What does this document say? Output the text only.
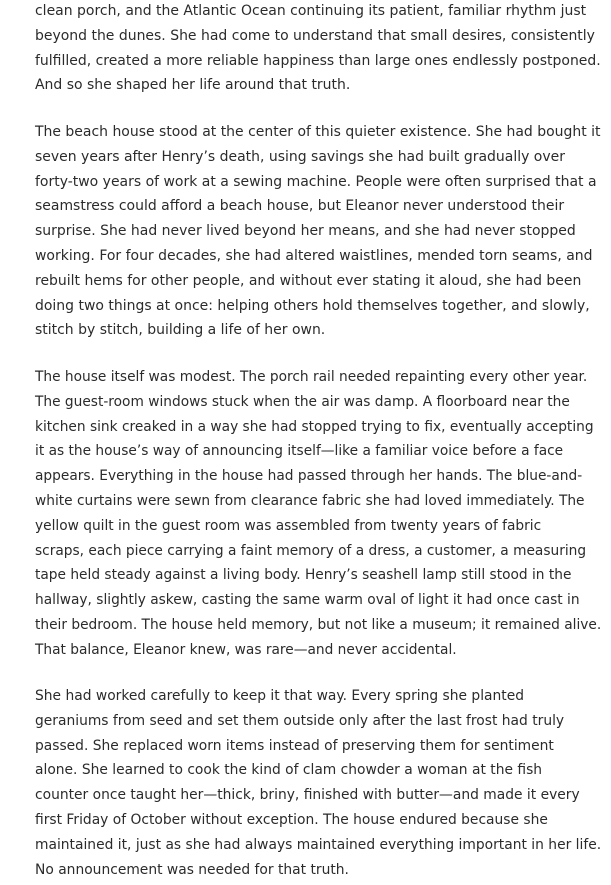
clean porch, and the Atlantic Ocean continuing its patient, familiar rhythm just
beyond the dunes. She had come to understand that small desires, consistently
fulfilled, created a more reliable happiness than large ones endlessly postponed.
And so she shaped her life around that truth.
The beach house stood at the center of this quieter existence. She had bought it
seven years after Henry’s death, using savings she had built gradually over
forty-two years of work at a sewing machine. People were often surprised that a
seamstress could afford a beach house, but Eleanor never understood their
surprise. She had never lived beyond her means, and she had never stopped
working. For four decades, she had altered waistlines, mended torn seams, and
rebuilt hems for other people, and without ever stating it aloud, she had been
doing two things at once: helping others hold themselves together, and slowly,
stitch by stitch, building a life of her own.
The house itself was modest. The porch rail needed repainting every other year.
The guest-room windows stuck when the air was damp. A floorboard near the
kitchen sink creaked in a way she had stopped trying to fix, eventually accepting
it as the house’s way of announcing itself—like a familiar voice before a face
appears. Everything in the house had passed through her hands. The blue-and-
white curtains were sewn from clearance fabric she had loved immediately. The
yellow quilt in the guest room was assembled from twenty years of fabric
scraps, each piece carrying a faint memory of a dress, a customer, a measuring
tape held steady against a living body. Henry’s seashell lamp still stood in the
hallway, slightly askew, casting the same warm oval of light it had once cast in
their bedroom. The house held memory, but not like a museum; it remained alive.
That balance, Eleanor knew, was rare—and never accidental.
She had worked carefully to keep it that way. Every spring she planted
geraniums from seed and set them outside only after the last frost had truly
passed. She replaced worn items instead of preserving them for sentiment
alone. She learned to cook the kind of clam chowder a woman at the fish
counter once taught her—thick, briny, finished with butter—and made it every
first Friday of October without exception. The house endured because she
maintained it, just as she had always maintained everything important in her life.
No announcement was needed for that truth.
